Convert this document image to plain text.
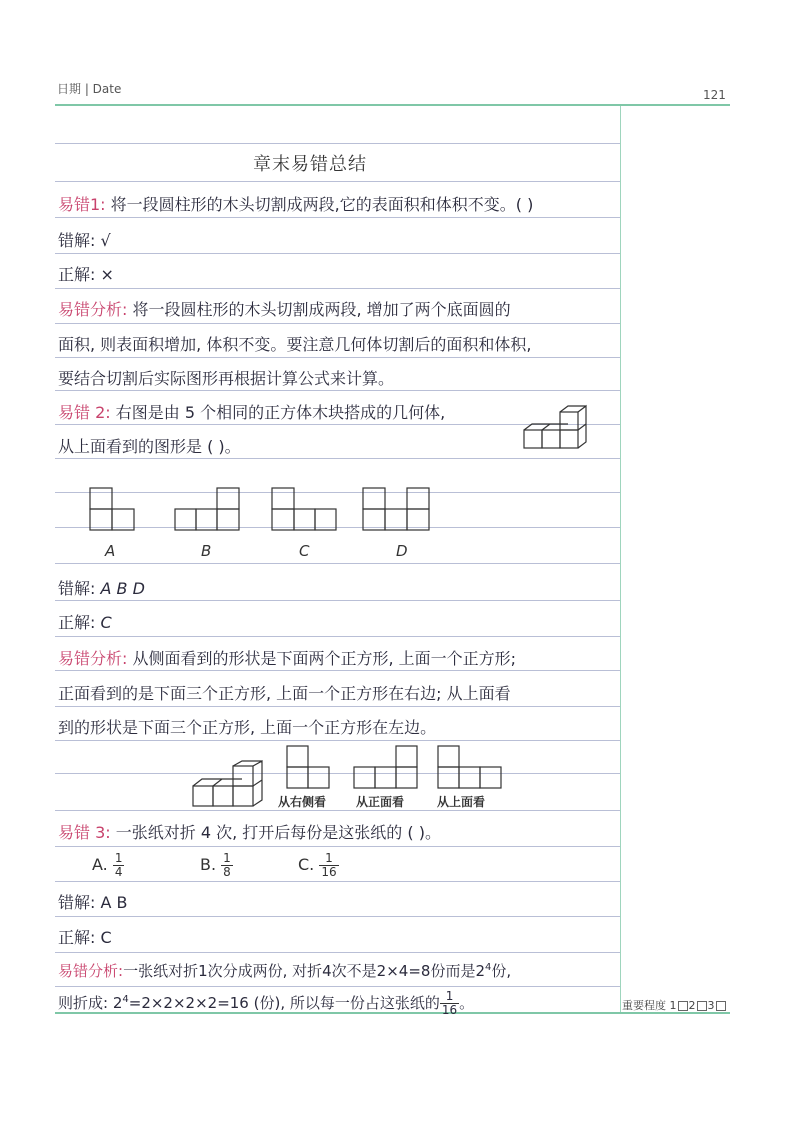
日期 | Date	121
章末易错总结
易错1: 将一段圆柱形的木头切割成两段,它的表面积和体积不变。( )
错解: √
正解: ×
易错分析: 将一段圆柱形的木头切割成两段, 增加了两个底面圆的
面积, 则表面积增加, 体积不变。要注意几何体切割后的面积和体积,
要结合切割后实际图形再根据计算公式来计算。
易错 2: 右图是由 5 个相同的正方体木块搭成的几何体,
从上面看到的图形是 ( )。
A	B	C	D
错解: A B D
正解: C
易错分析: 从侧面看到的形状是下面两个正方形, 上面一个正方形;
正面看到的是下面三个正方形, 上面一个正方形在右边; 从上面看
到的形状是下面三个正方形, 上面一个正方形在左边。
从右侧看 从正面看	从上面看
易错 3: 一张纸对折 4 次, 打开后每份是这张纸的 ( )。
A. $\frac{1}{4}$	B. $\frac{1}{8}$	C. $\frac{1}{16}$
错解: A B
正解: C
易错分析:一张纸对折1次分成两份, 对折4次不是2×4=8份而是$2^4$份,
则折成: $2^4=2\times 2\times 2\times 2=16$ (份), 所以每一份占这张纸的 $\frac{1}{16}$ 。	重要程度 1 2 3
